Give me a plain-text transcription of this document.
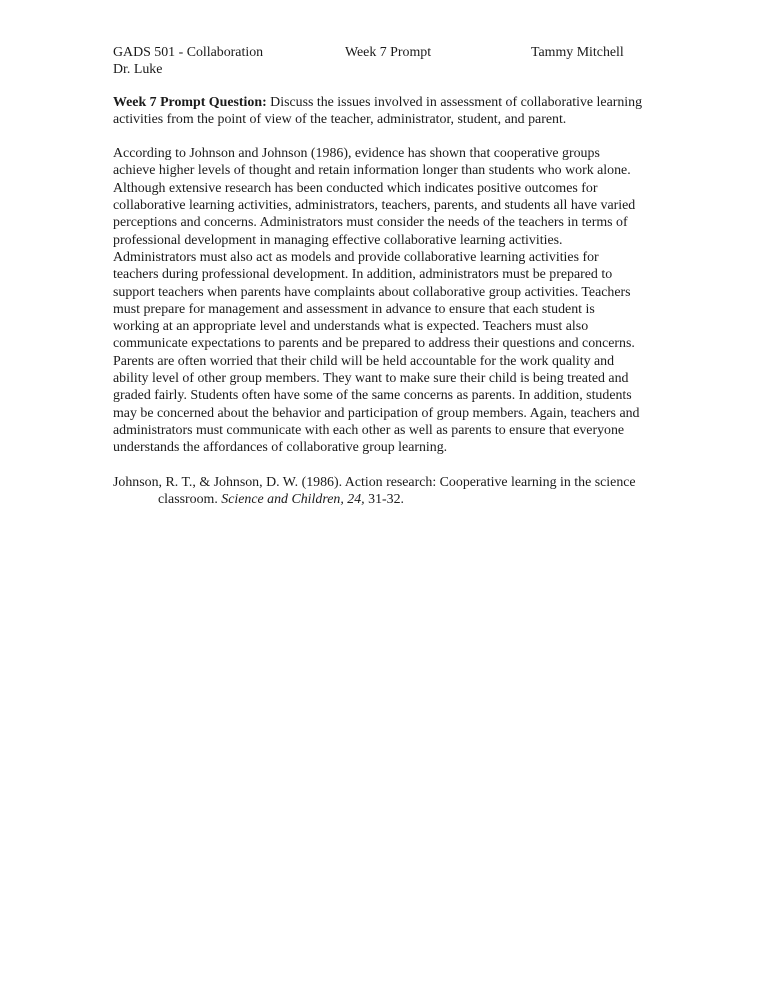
GADS 501 - Collaboration	Week 7 Prompt	Tammy Mitchell
Dr. Luke

Week 7 Prompt Question: Discuss the issues involved in assessment of collaborative learning activities from the point of view of the teacher, administrator, student, and parent.

According to Johnson and Johnson (1986), evidence has shown that cooperative groups achieve higher levels of thought and retain information longer than students who work alone. Although extensive research has been conducted which indicates positive outcomes for collaborative learning activities, administrators, teachers, parents, and students all have varied perceptions and concerns. Administrators must consider the needs of the teachers in terms of professional development in managing effective collaborative learning activities. Administrators must also act as models and provide collaborative learning activities for teachers during professional development. In addition, administrators must be prepared to support teachers when parents have complaints about collaborative group activities. Teachers must prepare for management and assessment in advance to ensure that each student is working at an appropriate level and understands what is expected. Teachers must also communicate expectations to parents and be prepared to address their questions and concerns. Parents are often worried that their child will be held accountable for the work quality and ability level of other group members. They want to make sure their child is being treated and graded fairly. Students often have some of the same concerns as parents. In addition, students may be concerned about the behavior and participation of group members. Again, teachers and administrators must communicate with each other as well as parents to ensure that everyone understands the affordances of collaborative group learning.

Johnson, R. T., & Johnson, D. W. (1986). Action research: Cooperative learning in the science classroom. Science and Children, 24, 31-32.
